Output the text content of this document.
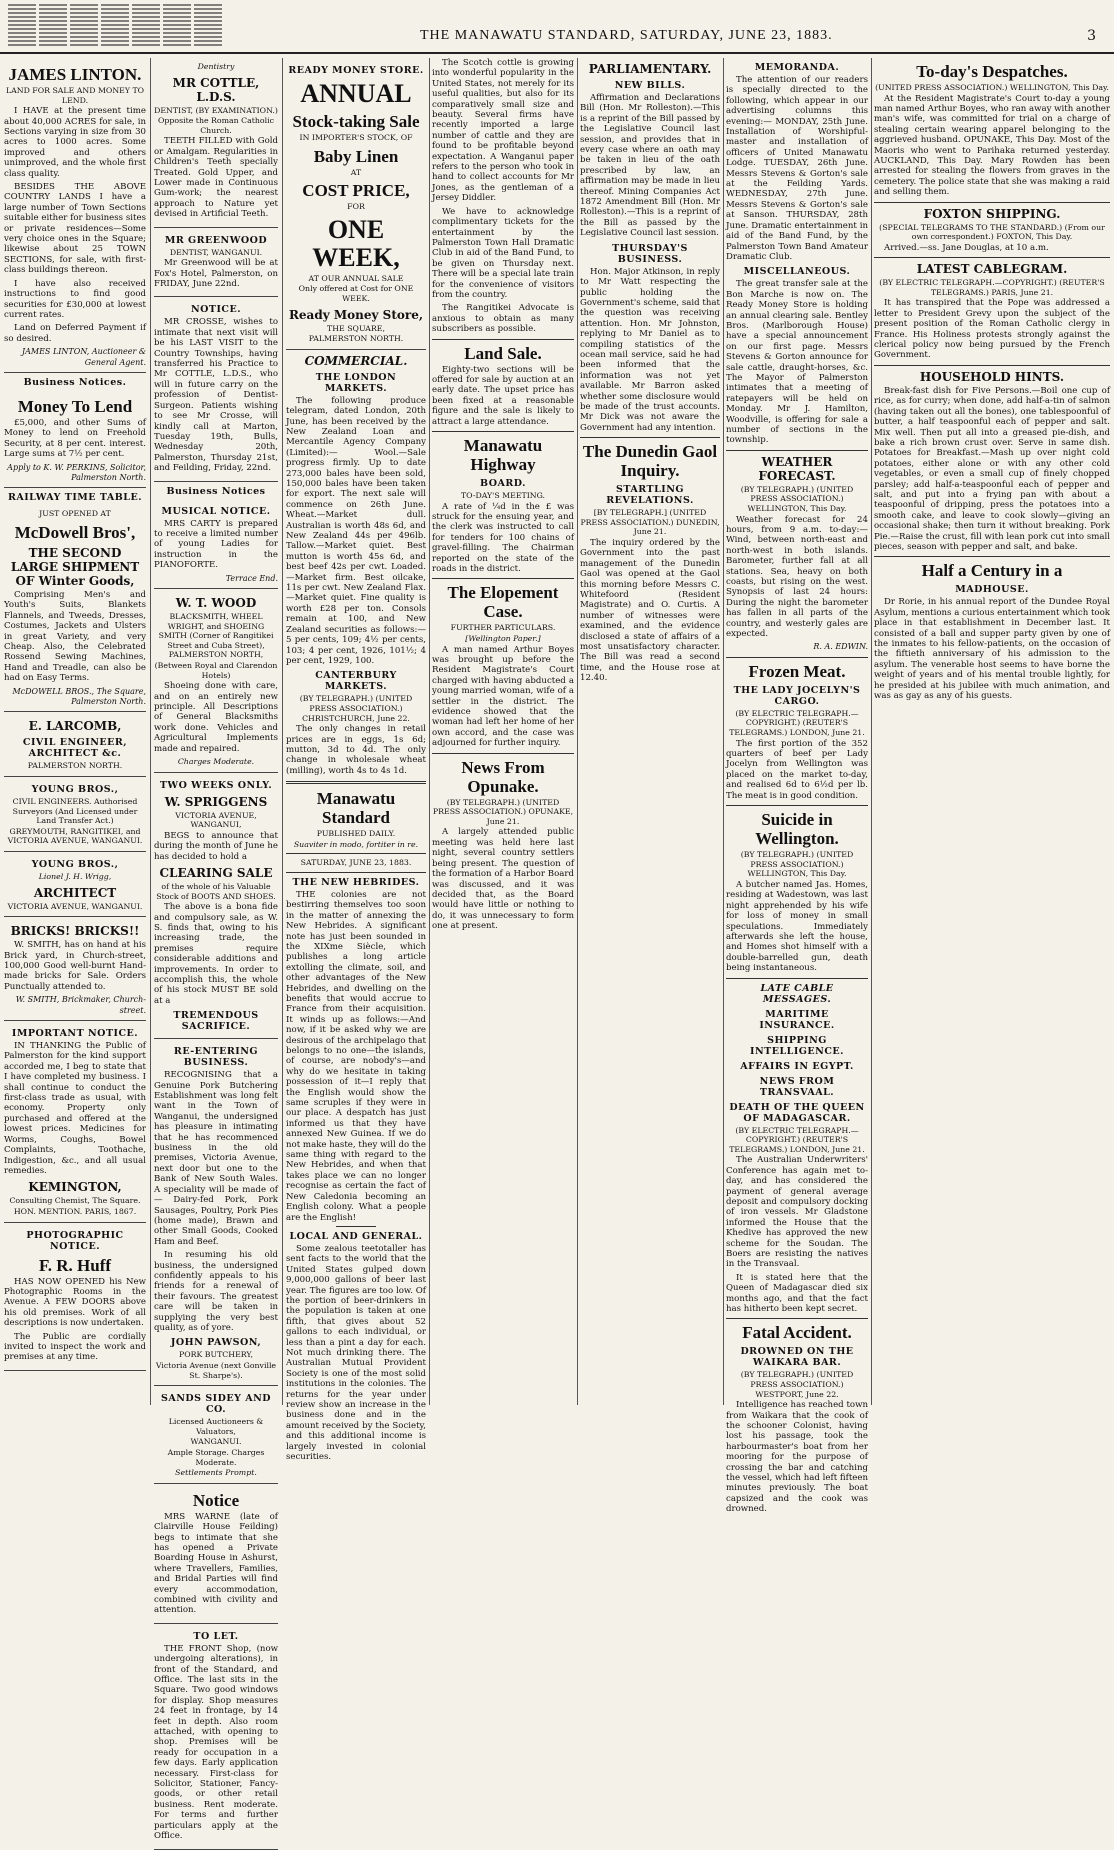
THE MANAWATU STANDARD, SATURDAY, JUNE 23, 1883.	3
JAMES LINTON.
LAND FOR SALE AND MONEY TO LEND.

I HAVE at the present time about 40,000 ACRES for sale, in Sections varying in size from 30 acres to 1000 acres. Some improved and others unimproved, and the whole first class quality.

BESIDES THE ABOVE COUNTRY LANDS I have a large number of Town Sections suitable either for business sites or private residences—Some very choice ones in the Square; likewise about 25 TOWN SECTIONS, for sale, with first-class buildings thereon.

I have also received instructions to find good securities for £30,000 at lowest current rates.

Land on Deferred Payment if so desired.

JAMES LINTON, Auctioneer & General Agent.
Business Notices.
Money To Lend

£5,000, and other Sums of Money to lend on Freehold Security, at 8 per cent. interest. Large sums at 7½ per cent.

Apply to K. W. PERKINS, Solicitor, Palmerston North.
RAILWAY TIME TABLE.
JUST OPENED AT
McDowell Bros',
THE SECOND LARGE SHIPMENT OF Winter Goods,

Comprising Men's and Youth's Suits, Blankets Flannels, and Tweeds, Dresses, Costumes, Jackets and Ulsters in great Variety, and very Cheap. Also, the Celebrated Rossend Sewing Machines, Hand and Treadle, can also be had on Easy Terms.

McDOWELL BROS., The Square, Palmerston North.
E. LARCOMB,
CIVIL ENGINEER, ARCHITECT &c.
PALMERSTON NORTH.
YOUNG BROS.,
CIVIL ENGINEERS. Authorised Surveyors (And Licensed under Land Transfer Act.)
GREYMOUTH, RANGITIKEI, and VICTORIA AVENUE, WANGANUI.
YOUNG BROS.,
Lionel J. H. Wrigg,
ARCHITECT
VICTORIA AVENUE, WANGANUI.
BRICKS! BRICKS!!

W. SMITH, has on hand at his Brick yard, in Church-street, 100,000 Good well-burnt Hand-made bricks for Sale. Orders Punctually attended to.

W. SMITH, Brickmaker, Church-street.
IMPORTANT NOTICE.

IN THANKING the Public of Palmerston for the kind support accorded me, I beg to state that I have completed my business. I shall continue to conduct the first-class trade as usual, with economy. Property only purchased and offered at the lowest prices. Medicines for Worms, Coughs, Bowel Complaints, Toothache, Indigestion, &c., and all usual remedies.

KEMINGTON,
Consulting Chemist, The Square.
HON. MENTION. PARIS, 1867.
PHOTOGRAPHIC NOTICE.
F. R. Huff

HAS NOW OPENED his New Photographic Rooms in the Avenue. A FEW DOORS above his old premises. Work of all descriptions is now undertaken.

The Public are cordially invited to inspect the work and premises at any time.

Dentistry
MR COTTLE, L.D.S.
DENTIST, (BY EXAMINATION.)
Opposite the Roman Catholic Church.

TEETH FILLED with Gold or Amalgam. Regularities in Children's Teeth specially Treated. Gold Upper, and Lower made in Continuous Gum-work; the nearest approach to Nature yet devised in Artificial Teeth.

MR GREENWOOD
DENTIST, WANGANUI.

Mr Greenwood will be at Fox's Hotel, Palmerston, on FRIDAY, June 22nd.

NOTICE.

MR CROSSE, wishes to intimate that next visit will be his LAST VISIT to the Country Townships, having transferred his Practice to Mr COTTLE, L.D.S., who will in future carry on the profession of Dentist-Surgeon. Patients wishing to see Mr Crosse, will kindly call at Marton, Tuesday 19th, Bulls, Wednesday 20th, Palmerston, Thursday 21st, and Feilding, Friday, 22nd.

Business Notices
MUSICAL NOTICE.

MRS CARTY is prepared to receive a limited number of young Ladies for instruction in the PIANOFORTE.

Terrace End.
W. T. WOOD
BLACKSMITH, WHEEL WRIGHT, and SHOEING SMITH (Corner of Rangitikei Street and Cuba Street), PALMERSTON NORTH,
(Between Royal and Clarendon Hotels)

Shoeing done with care, and on an entirely new principle. All Descriptions of General Blacksmiths work done. Vehicles and Agricultural Implements made and repaired.

Charges Moderate.
TWO WEEKS ONLY.
W. SPRIGGENS
VICTORIA AVENUE, WANGANUI,

BEGS to announce that during the month of June he has decided to hold a

CLEARING SALE
of the whole of his Valuable Stock of BOOTS AND SHOES.

The above is a bona fide and compulsory sale, as W. S. finds that, owing to his increasing trade, the premises require considerable additions and improvements. In order to accomplish this, the whole of his stock MUST BE sold at a

TREMENDOUS SACRIFICE.
RE-ENTERING BUSINESS.

RECOGNISING that a Genuine Pork Butchering Establishment was long felt want in the Town of Wanganui, the undersigned has pleasure in intimating that he has recommenced business in the old premises, Victoria Avenue, next door but one to the Bank of New South Wales. A speciality will be made of— Dairy-fed Pork, Pork Sausages, Poultry, Pork Pies (home made), Brawn and other Small Goods, Cooked Ham and Beef.

In resuming his old business, the undersigned confidently appeals to his friends for a renewal of their favours. The greatest care will be taken in supplying the very best quality, as of yore.

JOHN PAWSON,
PORK BUTCHERY,
Victoria Avenue (next Gonville St. Sharpe's).
SANDS SIDEY AND CO.
Licensed Auctioneers & Valuators,
WANGANUI.
Ample Storage. Charges Moderate.
Settlements Prompt.
Notice

MRS WARNE (late of Clairville House Feilding) begs to intimate that she has opened a Private Boarding House in Ashurst, where Travellers, Families, and Bridal Parties will find every accommodation, combined with civility and attention.

TO LET.

THE FRONT Shop, (now undergoing alterations), in front of the Standard, and Office. The last sits in the Square. Two good windows for display. Shop measures 24 feet in frontage, by 14 feet in depth. Also room attached, with opening to shop. Premises will be ready for occupation in a few days. Early application necessary. First-class for Solicitor, Stationer, Fancy-goods, or other retail business. Rent moderate. For terms and further particulars apply at the Office.

READY MONEY STORE.
ANNUAL
Stock-taking Sale
IN IMPORTER'S STOCK, OF
Baby Linen
AT
COST PRICE,
FOR
ONE WEEK,
AT OUR ANNUAL SALE
Only offered at Cost for ONE WEEK.
Ready Money Store,
THE SQUARE,
PALMERSTON NORTH.
COMMERCIAL.
THE LONDON MARKETS.

The following produce telegram, dated London, 20th June, has been received by the New Zealand Loan and Mercantile Agency Company (Limited):— Wool.—Sale progress firmly. Up to date 273,000 bales have been sold, 150,000 bales have been taken for export. The next sale will commence on 26th June. Wheat.—Market dull. Australian is worth 48s 6d, and New Zealand 44s per 496lb. Tallow.—Market quiet. Best mutton is worth 45s 6d, and best beef 42s per cwt. Loaded.—Market firm. Best oilcake, 11s per cwt. New Zealand Flax.—Market quiet. Fine quality is worth £28 per ton. Consols remain at 100, and New Zealand securities as follows:—5 per cents, 109; 4½ per cents, 103; 4 per cent, 1926, 101½; 4 per cent, 1929, 100.

CANTERBURY MARKETS.
(BY TELEGRAPH.) (UNITED PRESS ASSOCIATION.) CHRISTCHURCH, June 22.

The only changes in retail prices are in eggs, 1s 6d; mutton, 3d to 4d. The only change in wholesale wheat (milling), worth 4s to 4s 1d.

Manawatu Standard
PUBLISHED DAILY.
Suaviter in modo, fortiter in re.
SATURDAY, JUNE 23, 1883.
THE NEW HEBRIDES.

THE colonies are not bestirring themselves too soon in the matter of annexing the New Hebrides. A significant note has just been sounded in the XIXme Siècle, which publishes a long article extolling the climate, soil, and other advantages of the New Hebrides, and dwelling on the benefits that would accrue to France from their acquisition. It winds up as follows:—And now, if it be asked why we are desirous of the archipelago that belongs to no one—the islands, of course, are nobody's—and why do we hesitate in taking possession of it—I reply that the English would show the same scruples if they were in our place. A despatch has just informed us that they have annexed New Guinea. If we do not make haste, they will do the same thing with regard to the New Hebrides, and when that takes place we can no longer recognise as certain the fact of New Caledonia becoming an English colony. What a people are the English!

LOCAL AND GENERAL.

Some zealous teetotaller has sent facts to the world that the United States gulped down 9,000,000 gallons of beer last year. The figures are too low. Of the portion of beer-drinkers in the population is taken at one fifth, that gives about 52 gallons to each individual, or less than a pint a day for each. Not much drinking there. The Australian Mutual Provident Society is one of the most solid institutions in the colonies. The returns for the year under review show an increase in the business done and in the amount received by the Society, and this additional income is largely invested in colonial securities.

The Scotch cottle is growing into wonderful popularity in the United States, not merely for its useful qualities, but also for its comparatively small size and beauty. Several firms have recently imported a large number of cattle and they are found to be profitable beyond expectation. A Wanganui paper refers to the person who took in hand to collect accounts for Mr Jones, as the gentleman of a Jersey Diddler.

We have to acknowledge complimentary tickets for the entertainment by the Palmerston Town Hall Dramatic Club in aid of the Band Fund, to be given on Thursday next. There will be a special late train for the convenience of visitors from the country.

The Rangitikei Advocate is anxious to obtain as many subscribers as possible.

Land Sale.

Eighty-two sections will be offered for sale by auction at an early date. The upset price has been fixed at a reasonable figure and the sale is likely to attract a large attendance.

Manawatu Highway
BOARD.
TO-DAY'S MEETING.

A rate of ¼d in the £ was struck for the ensuing year, and the clerk was instructed to call for tenders for 100 chains of gravel-filling. The Chairman reported on the state of the roads in the district.

The Elopement Case.
FURTHER PARTICULARS.
[Wellington Paper.]

A man named Arthur Boyes was brought up before the Resident Magistrate's Court charged with having abducted a young married woman, wife of a settler in the district. The evidence showed that the woman had left her home of her own accord, and the case was adjourned for further inquiry.

News From Opunake.
(BY TELEGRAPH.) (UNITED PRESS ASSOCIATION.) OPUNAKE, June 21.

A largely attended public meeting was held here last night, several country settlers being present. The question of the formation of a Harbor Board was discussed, and it was decided that, as the Board would have little or nothing to do, it was unnecessary to form one at present.

PARLIAMENTARY.
NEW BILLS.

Affirmation and Declarations Bill (Hon. Mr Rolleston).—This is a reprint of the Bill passed by the Legislative Council last session, and provides that in every case where an oath may be taken in lieu of the oath prescribed by law, an affirmation may be made in lieu thereof. Mining Companies Act 1872 Amendment Bill (Hon. Mr Rolleston).—This is a reprint of the Bill as passed by the Legislative Council last session.

THURSDAY'S BUSINESS.

Hon. Major Atkinson, in reply to Mr Watt respecting the public holding the Government's scheme, said that the question was receiving attention. Hon. Mr Johnston, replying to Mr Daniel as to compiling statistics of the ocean mail service, said he had been informed that the information was not yet available. Mr Barron asked whether some disclosure would be made of the trust accounts. Mr Dick was not aware the Government had any intention.

The Dunedin Gaol Inquiry.
STARTLING REVELATIONS.
[BY TELEGRAPH.] (UNITED PRESS ASSOCIATION.) DUNEDIN, June 21.

The inquiry ordered by the Government into the past management of the Dunedin Gaol was opened at the Gaol this morning before Messrs C. Whitefoord (Resident Magistrate) and O. Curtis. A number of witnesses were examined, and the evidence disclosed a state of affairs of a most unsatisfactory character. The Bill was read a second time, and the House rose at 12.40.

MEMORANDA.

The attention of our readers is specially directed to the following, which appear in our advertising columns this evening:— MONDAY, 25th June. Installation of Worshipful-master and installation of officers of United Manawatu Lodge. TUESDAY, 26th June. Messrs Stevens & Gorton's sale at the Feilding Yards. WEDNESDAY, 27th June. Messrs Stevens & Gorton's sale at Sanson. THURSDAY, 28th June. Dramatic entertainment in aid of the Band Fund, by the Palmerston Town Band Amateur Dramatic Club.

MISCELLANEOUS.

The great transfer sale at the Bon Marche is now on. The Ready Money Store is holding an annual clearing sale. Bentley Bros. (Marlborough House) have a special announcement on our first page. Messrs Stevens & Gorton announce for sale cattle, draught-horses, &c. The Mayor of Palmerston intimates that a meeting of ratepayers will be held on Monday. Mr J. Hamilton, Woodville, is offering for sale a number of sections in the township.

WEATHER FORECAST.
(BY TELEGRAPH.) (UNITED PRESS ASSOCIATION.) WELLINGTON, This Day.

Weather forecast for 24 hours, from 9 a.m. to-day:— Wind, between north-east and north-west in both islands. Barometer, further fall at all stations. Sea, heavy on both coasts, but rising on the west. Synopsis of last 24 hours: During the night the barometer has fallen in all parts of the country, and westerly gales are expected.

R. A. EDWIN.
Frozen Meat.
THE LADY JOCELYN'S CARGO.
(BY ELECTRIC TELEGRAPH.—COPYRIGHT.) (REUTER'S TELEGRAMS.) LONDON, June 21.

The first portion of the 352 quarters of beef per Lady Jocelyn from Wellington was placed on the market to-day, and realised 6d to 6½d per lb. The meat is in good condition.

Suicide in Wellington.
(BY TELEGRAPH.) (UNITED PRESS ASSOCIATION.) WELLINGTON, This Day.

A butcher named Jas. Homes, residing at Wadestown, was last night apprehended by his wife for loss of money in small speculations. Immediately afterwards she left the house, and Homes shot himself with a double-barrelled gun, death being instantaneous.

LATE CABLE MESSAGES.
MARITIME INSURANCE.
SHIPPING INTELLIGENCE.
AFFAIRS IN EGYPT.
NEWS FROM TRANSVAAL.
DEATH OF THE QUEEN OF MADAGASCAR.
(BY ELECTRIC TELEGRAPH.—COPYRIGHT.) (REUTER'S TELEGRAMS.) LONDON, June 21.

The Australian Underwriters' Conference has again met to-day, and has considered the payment of general average deposit and compulsory docking of iron vessels. Mr Gladstone informed the House that the Khedive has approved the new scheme for the Soudan. The Boers are resisting the natives in the Transvaal.

It is stated here that the Queen of Madagascar died six months ago, and that the fact has hitherto been kept secret.

Fatal Accident.
DROWNED ON THE WAIKARA BAR.
(BY TELEGRAPH.) (UNITED PRESS ASSOCIATION.) WESTPORT, June 22.

Intelligence has reached town from Waikara that the cook of the schooner Colonist, having lost his passage, took the harbourmaster's boat from her mooring for the purpose of crossing the bar and catching the vessel, which had left fifteen minutes previously. The boat capsized and the cook was drowned.

To-day's Despatches.
(UNITED PRESS ASSOCIATION.) WELLINGTON, This Day.

At the Resident Magistrate's Court to-day a young man named Arthur Boyes, who ran away with another man's wife, was committed for trial on a charge of stealing certain wearing apparel belonging to the aggrieved husband. OPUNAKE, This Day. Most of the Maoris who went to Parihaka returned yesterday. AUCKLAND, This Day. Mary Rowden has been arrested for stealing the flowers from graves in the cemetery. The police state that she was making a raid and selling them.

FOXTON SHIPPING.
(SPECIAL TELEGRAMS TO THE STANDARD.) (From our own correspondent.) FOXTON, This Day.

Arrived.—ss. Jane Douglas, at 10 a.m.

LATEST CABLEGRAM.
(BY ELECTRIC TELEGRAPH.—COPYRIGHT.) (REUTER'S TELEGRAMS.) PARIS, June 21.

It has transpired that the Pope was addressed a letter to President Grevy upon the subject of the present position of the Roman Catholic clergy in France. His Holiness protests strongly against the clerical policy now being pursued by the French Government.

HOUSEHOLD HINTS.

Break-fast dish for Five Persons.—Boil one cup of rice, as for curry; when done, add half-a-tin of salmon (having taken out all the bones), one tablespoonful of butter, a half teaspoonful each of pepper and salt. Mix well. Then put all into a greased pie-dish, and bake a rich brown crust over. Serve in same dish. Potatoes for Breakfast.—Mash up over night cold potatoes, either alone or with any other cold vegetables, or even a small cup of finely chopped parsley; add half-a-teaspoonful each of pepper and salt, and put into a frying pan with about a teaspoonful of dripping, press the potatoes into a smooth cake, and leave to cook slowly—giving an occasional shake; then turn it without breaking. Pork Pie.—Raise the crust, fill with lean pork cut into small pieces, season with pepper and salt, and bake.

Half a Century in a
MADHOUSE.

Dr Rorie, in his annual report of the Dundee Royal Asylum, mentions a curious entertainment which took place in that establishment in December last. It consisted of a ball and supper party given by one of the inmates to his fellow-patients, on the occasion of the fiftieth anniversary of his admission to the asylum. The venerable host seems to have borne the weight of years and of his mental trouble lightly, for he presided at his jubilee with much animation, and was as gay as any of his guests.
